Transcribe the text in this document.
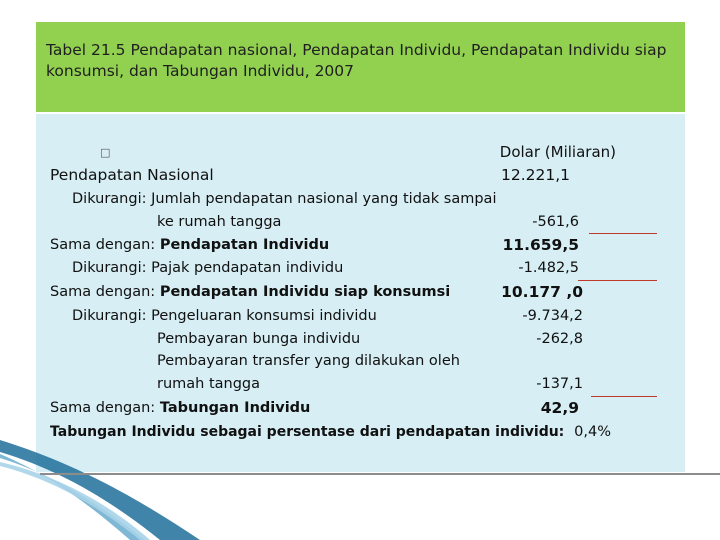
Tabel 21.5 Pendapatan nasional, Pendapatan Individu, Pendapatan Individu siap konsumsi, dan Tabungan Individu, 2007
□	Dolar (Miliaran)
Pendapatan Nasional	12.221,1
Dikurangi: Jumlah pendapatan nasional yang tidak sampai
ke rumah tangga	-561,6
Sama dengan: Pendapatan Individu	11.659,5
Dikurangi: Pajak pendapatan individu	-1.482,5
Sama dengan: Pendapatan Individu siap konsumsi	10.177 ,0
Dikurangi: Pengeluaran konsumsi individu	-9.734,2
Pembayaran bunga individu	-262,8
Pembayaran transfer yang dilakukan oleh
rumah tangga	-137,1
Sama dengan: Tabungan Individu	42,9
Tabungan Individu sebagai persentase dari pendapatan individu: 0,4%
